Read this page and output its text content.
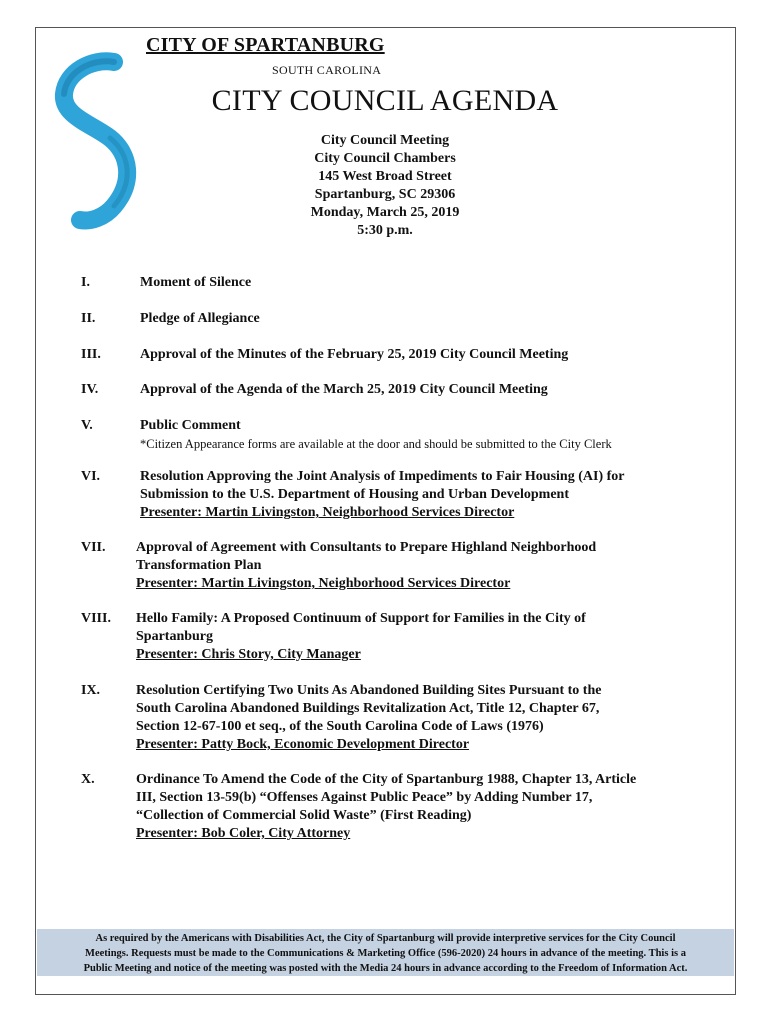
CITY OF SPARTANBURG
SOUTH CAROLINA
CITY COUNCIL AGENDA
City Council Meeting
City Council Chambers
145 West Broad Street
Spartanburg, SC 29306
Monday, March 25, 2019
5:30 p.m.
I.	Moment of Silence
II.	Pledge of Allegiance
III.	Approval of the Minutes of the February 25, 2019 City Council Meeting
IV.	Approval of the Agenda of the March 25, 2019 City Council Meeting
V.	Public Comment
*Citizen Appearance forms are available at the door and should be submitted to the City Clerk
VI.	Resolution Approving the Joint Analysis of Impediments to Fair Housing (AI) for
Submission to the U.S. Department of Housing and Urban Development
Presenter: Martin Livingston, Neighborhood Services Director
VII. Approval of Agreement with Consultants to Prepare Highland Neighborhood
Transformation Plan
Presenter: Martin Livingston, Neighborhood Services Director
VIII. Hello Family: A Proposed Continuum of Support for Families in the City of
Spartanburg
Presenter: Chris Story, City Manager
IX.	Resolution Certifying Two Units As Abandoned Building Sites Pursuant to the
South Carolina Abandoned Buildings Revitalization Act, Title 12, Chapter 67,
Section 12-67-100 et seq., of the South Carolina Code of Laws (1976)
Presenter: Patty Bock, Economic Development Director
X.	Ordinance To Amend the Code of the City of Spartanburg 1988, Chapter 13, Article
III, Section 13-59(b) “Offenses Against Public Peace” by Adding Number 17,
“Collection of Commercial Solid Waste” (First Reading)
Presenter: Bob Coler, City Attorney
As required by the Americans with Disabilities Act, the City of Spartanburg will provide interpretive services for the City Council
Meetings. Requests must be made to the Communications & Marketing Office (596-2020) 24 hours in advance of the meeting. This is a
Public Meeting and notice of the meeting was posted with the Media 24 hours in advance according to the Freedom of Information Act.
